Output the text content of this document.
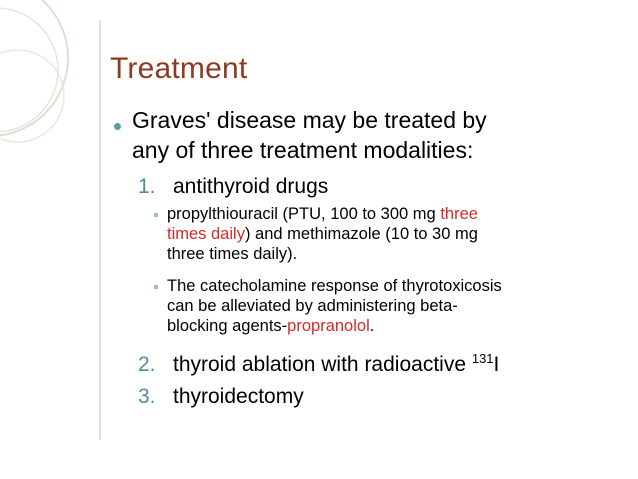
Treatment
Graves' disease may be treated by
any of three treatment modalities:
1. antithyroid drugs
propylthiouracil (PTU, 100 to 300 mg three
times daily) and methimazole (10 to 30 mg
three times daily).
The catecholamine response of thyrotoxicosis
can be alleviated by administering beta-
blocking agents-propranolol.
2. thyroid ablation with radioactive $^{131}$I
3. thyroidectomy
